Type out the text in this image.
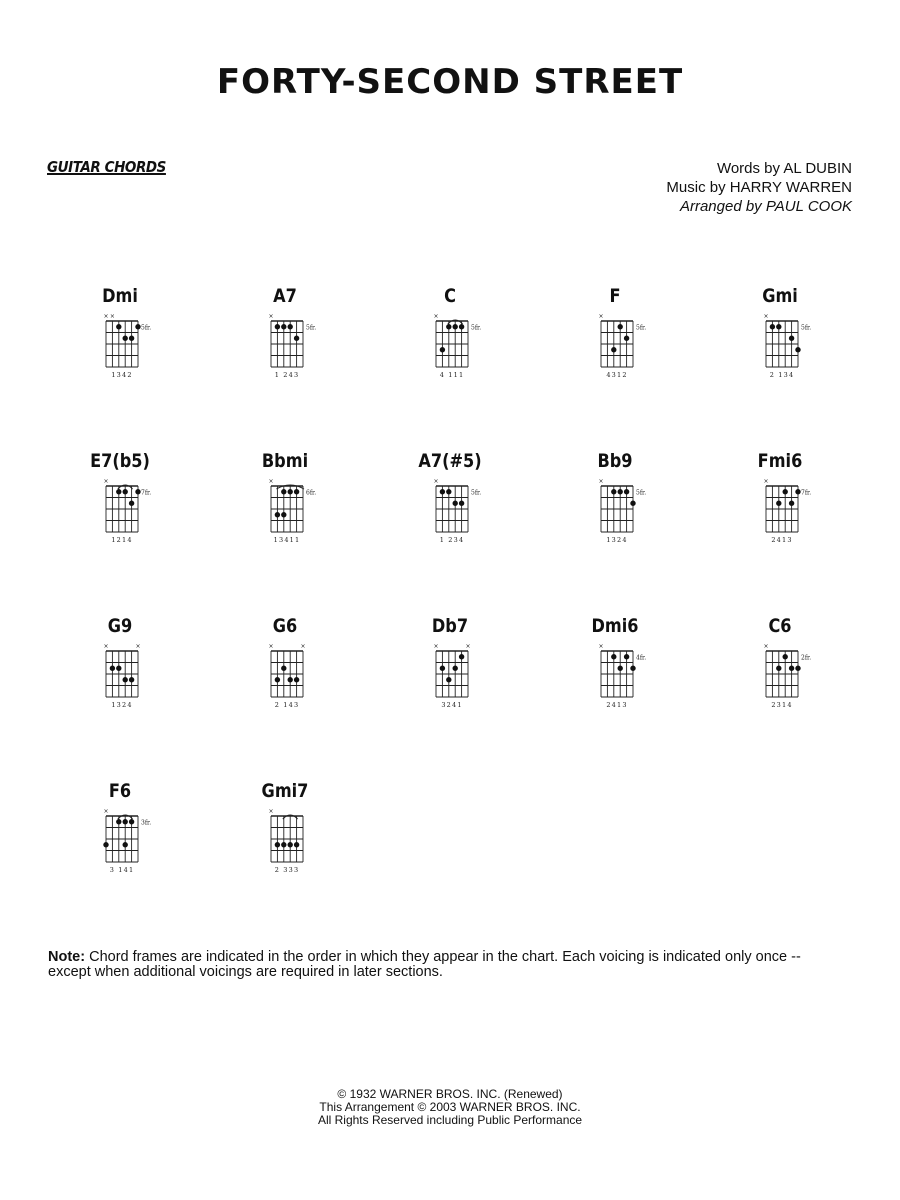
FORTY-SECOND STREET
GUITAR CHORDS	Words by AL DUBIN
Music by HARRY WARREN
Arranged by PAUL COOK
Dmi
× ×
5fr.
1342
A7
×
5fr.
1 243
C
×
5fr.
4 111
F
×
5fr.
4312
Gmi
×
5fr.
2 134
E7(b5)
×
7fr.
1214
Bbmi
×
6fr.
13411
A7(#5)
×
5fr.
1 234
Bb9
×
5fr.
1324
Fmi6
×
7fr.
2413
G9
×	×
1324
G6
×	×
2 143
Db7
×	×
3241
Dmi6
×
4fr.
2413
C6
×
2fr.
2314
F6
×
3fr.
3 141
Gmi7
×
2 333
Note: Chord frames are indicated in the order in which they appear in the chart. Each voicing is indicated only once -- except when additional voicings are required in later sections.
© 1932 WARNER BROS. INC. (Renewed)
This Arrangement © 2003 WARNER BROS. INC.
All Rights Reserved including Public Performance
